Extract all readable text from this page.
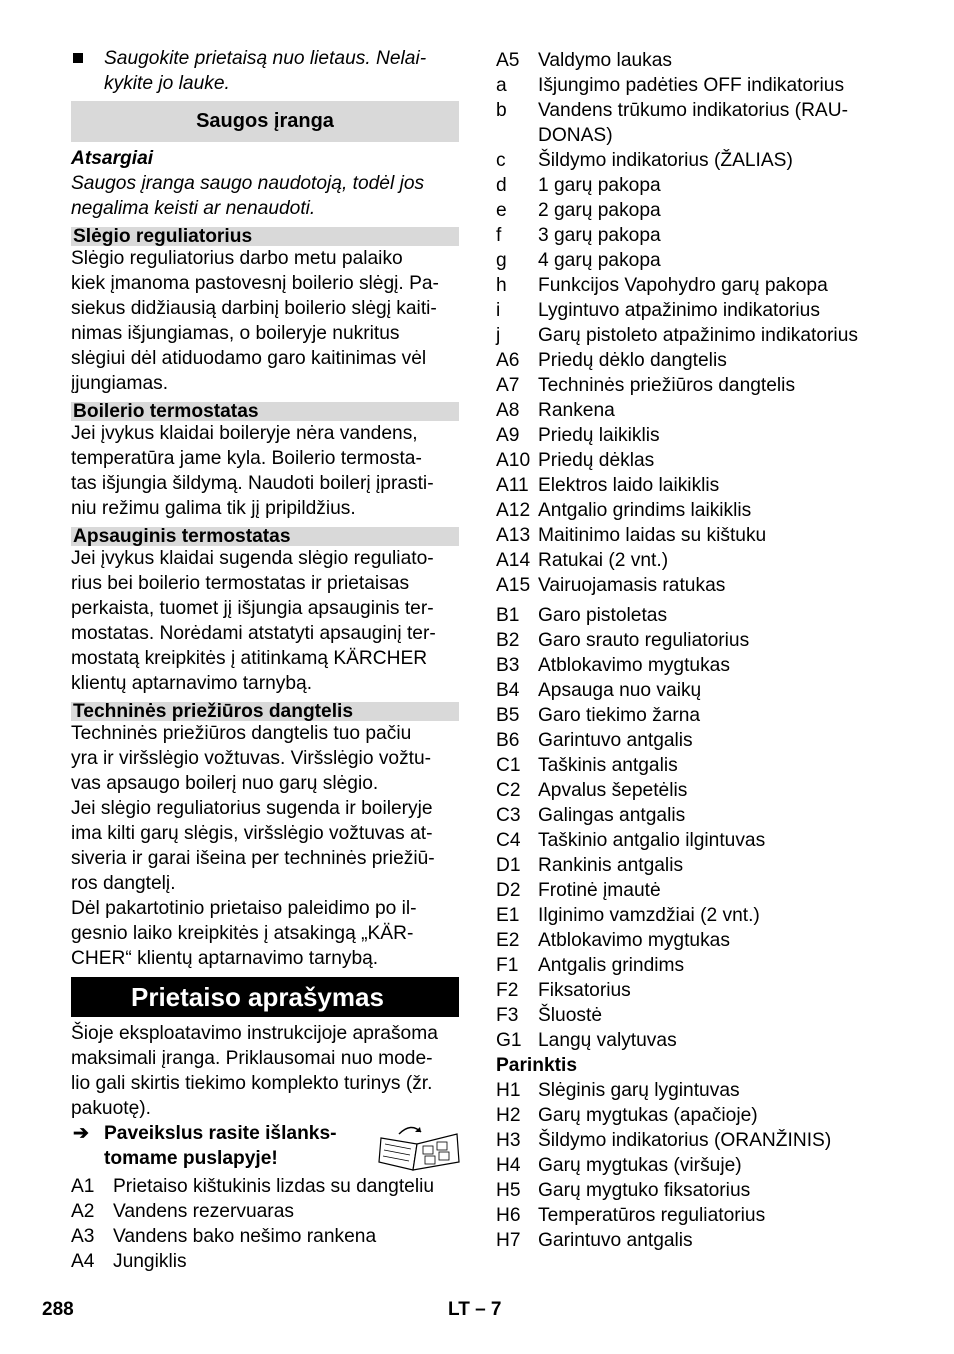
Saugokite prietaisą nuo lietaus. Nelai-
kykite jo lauke.
Saugos įranga
Atsargiai
Saugos įranga saugo naudotoją, todėl jos
negalima keisti ar nenaudoti.
Slėgio reguliatorius
Slėgio reguliatorius darbo metu palaiko
kiek įmanoma pastovesnį boilerio slėgį. Pa-
siekus didžiausią darbinį boilerio slėgį kaiti-
nimas išjungiamas, o boileryje nukritus
slėgiui dėl atiduodamo garo kaitinimas vėl
įjungiamas.
Boilerio termostatas
Jei įvykus klaidai boileryje nėra vandens,
temperatūra jame kyla. Boilerio termosta-
tas išjungia šildymą. Naudoti boilerį įprasti-
niu režimu galima tik jį pripildžius.
Apsauginis termostatas
Jei įvykus klaidai sugenda slėgio reguliato-
rius bei boilerio termostatas ir prietaisas
perkaista, tuomet jį išjungia apsauginis ter-
mostatas. Norėdami atstatyti apsauginį ter-
mostatą kreipkitės į atitinkamą KÄRCHER
klientų aptarnavimo tarnybą.
Techninės priežiūros dangtelis
Techninės priežiūros dangtelis tuo pačiu
yra ir viršslėgio vožtuvas. Viršslėgio vožtu-
vas apsaugo boilerį nuo garų slėgio.
Jei slėgio reguliatorius sugenda ir boileryje
ima kilti garų slėgis, viršslėgio vožtuvas at-
siveria ir garai išeina per techninės priežiū-
ros dangtelį.
Dėl pakartotinio prietaiso paleidimo po il-
gesnio laiko kreipkitės į atsakingą „KÄR-
CHER“ klientų aptarnavimo tarnybą.
Prietaiso aprašymas
Šioje eksploatavimo instrukcijoje aprašoma
maksimali įranga. Priklausomai nuo mode-
lio gali skirtis tiekimo komplekto turinys (žr.
pakuotę).
➔ Paveikslus rasite išlanks-
tomame puslapyje!
A1 Prietaiso kištukinis lizdas su dangteliu
A2 Vandens rezervuaras
A3 Vandens bako nešimo rankena
A4 Jungiklis
A5 Valdymo laukas
a Išjungimo padėties OFF indikatorius
b Vandens trūkumo indikatorius (RAU-
DONAS)
c Šildymo indikatorius (ŽALIAS)
d 1 garų pakopa
e 2 garų pakopa
f 3 garų pakopa
g 4 garų pakopa
h Funkcijos Vapohydro garų pakopa
i Lygintuvo atpažinimo indikatorius
j Garų pistoleto atpažinimo indikatorius
A6 Priedų dėklo dangtelis
A7 Techninės priežiūros dangtelis
A8 Rankena
A9 Priedų laikiklis
A10 Priedų dėklas
A11 Elektros laido laikiklis
A12 Antgalio grindims laikiklis
A13 Maitinimo laidas su kištuku
A14 Ratukai (2 vnt.)
A15 Vairuojamasis ratukas
B1 Garo pistoletas
B2 Garo srauto reguliatorius
B3 Atblokavimo mygtukas
B4 Apsauga nuo vaikų
B5 Garo tiekimo žarna
B6 Garintuvo antgalis
C1 Taškinis antgalis
C2 Apvalus šepetėlis
C3 Galingas antgalis
C4 Taškinio antgalio ilgintuvas
D1 Rankinis antgalis
D2 Frotinė įmautė
E1 Ilginimo vamzdžiai (2 vnt.)
E2 Atblokavimo mygtukas
F1 Antgalis grindims
F2 Fiksatorius
F3 Šluostė
G1 Langų valytuvas
Parinktis
H1 Slėginis garų lygintuvas
H2 Garų mygtukas (apačioje)
H3 Šildymo indikatorius (ORANŽINIS)
H4 Garų mygtukas (viršuje)
H5 Garų mygtuko fiksatorius
H6 Temperatūros reguliatorius
H7 Garintuvo antgalis
288	LT – 7
